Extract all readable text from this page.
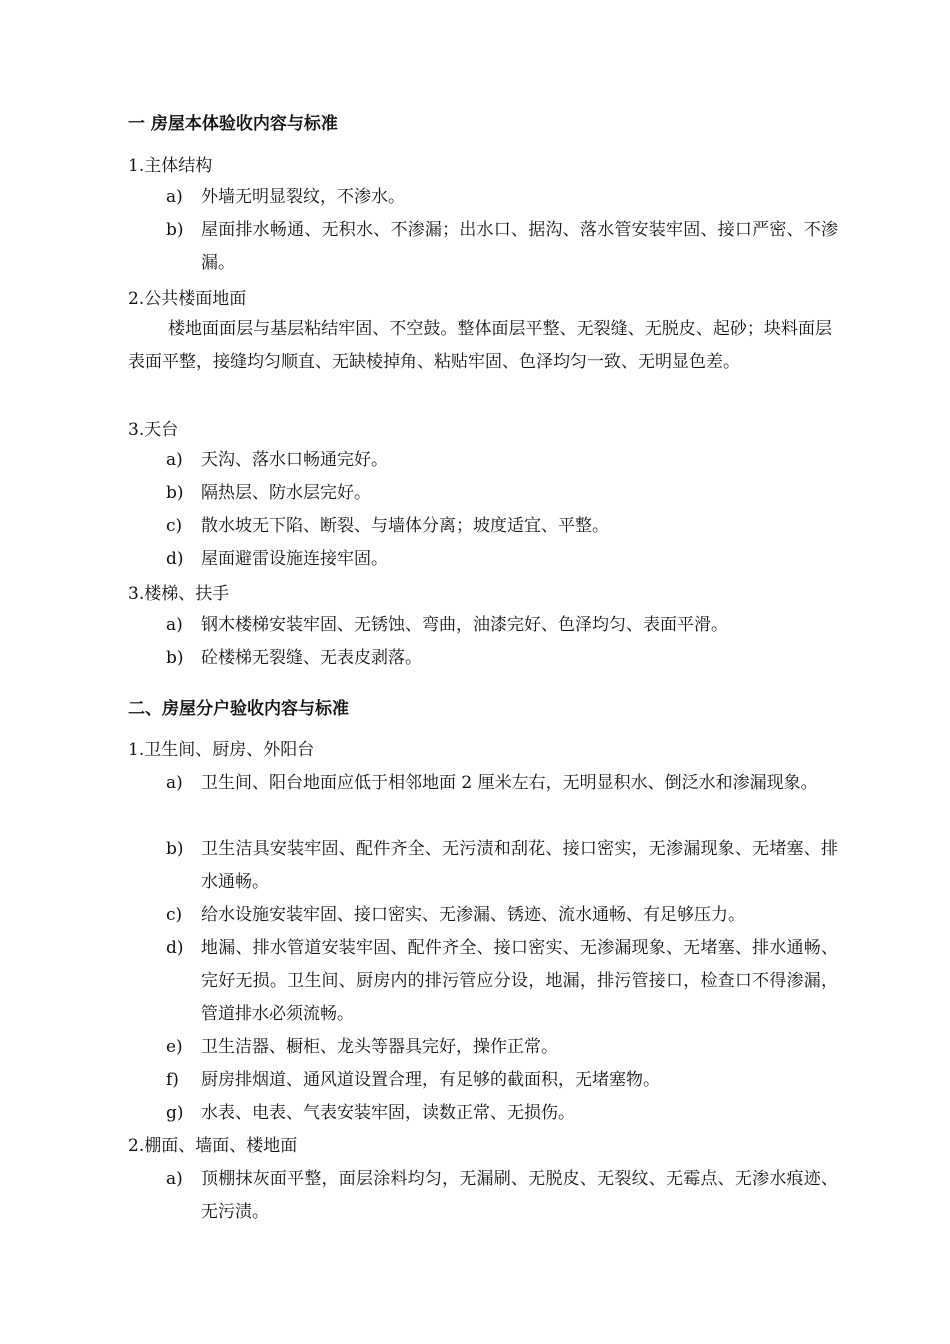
一 房屋本体验收内容与标准
1.主体结构
a)	外墙无明显裂纹，不渗水。
b)	屋面排水畅通、无积水、不渗漏；出水口、据沟、落水管安装牢固、接口严密、不渗漏。
2.公共楼面地面
楼地面面层与基层粘结牢固、不空鼓。整体面层平整、无裂缝、无脱皮、起砂；块料面层表面平整，接缝均匀顺直、无缺棱掉角、粘贴牢固、色泽均匀一致、无明显色差。
3.天台
a)	天沟、落水口畅通完好。
b)	隔热层、防水层完好。
c)	散水坡无下陷、断裂、与墙体分离；坡度适宜、平整。
d)	屋面避雷设施连接牢固。
3.楼梯、扶手
a)	钢木楼梯安装牢固、无锈蚀、弯曲，油漆完好、色泽均匀、表面平滑。
b)	砼楼梯无裂缝、无表皮剥落。
二、房屋分户验收内容与标准
1.卫生间、厨房、外阳台
a)	卫生间、阳台地面应低于相邻地面 2 厘米左右，无明显积水、倒泛水和渗漏现象。
b)	卫生洁具安装牢固、配件齐全、无污渍和刮花、接口密实，无渗漏现象、无堵塞、排水通畅。
c)	给水设施安装牢固、接口密实、无渗漏、锈迹、流水通畅、有足够压力。
d)	地漏、排水管道安装牢固、配件齐全、接口密实、无渗漏现象、无堵塞、排水通畅、完好无损。卫生间、厨房内的排污管应分设，地漏，排污管接口，检查口不得渗漏，管道排水必须流畅。
e)	卫生洁器、橱柜、龙头等器具完好，操作正常。
f)	厨房排烟道、通风道设置合理，有足够的截面积，无堵塞物。
g)	水表、电表、气表安装牢固，读数正常、无损伤。
2.棚面、墙面、楼地面
a)	顶棚抹灰面平整，面层涂料均匀，无漏刷、无脱皮、无裂纹、无霉点、无渗水痕迹、无污渍。
